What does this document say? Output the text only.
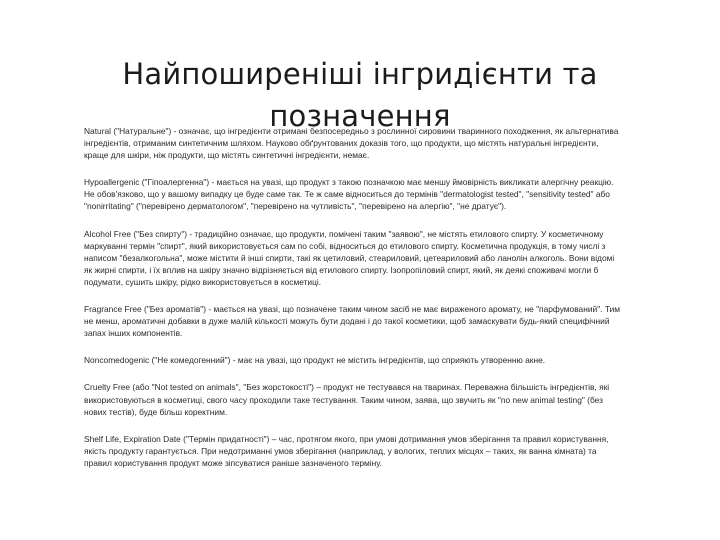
Найпоширеніші інгридієнти та позначення

Natural ("Натуральне") - означає, що інгредієнти отримані безпосередньо з рослинної сировини тваринного походження, як альтернатива інгредієнтів, отриманим синтетичним шляхом. Науково обґрунтованих доказів того, що продукти, що містять натуральні інгредієнти, краще для шкіри, ніж продукти, що містять синтетичні інгредієнти, немає.

Hypoallergenic ("Гіпоалергенна") - мається на увазі, що продукт з такою позначкою має меншу ймовірність викликати алергічну реакцію. Не обов'язково, що у вашому випадку це буде саме так. Те ж саме відноситься до термінів "dermatologist tested", "sensitivity tested" або "nonirritating" ("перевірено дерматологом", "перевірено на чутливість", "перевірено на алергію", "не дратує").

Alcohol Free ("Без спирту") - традиційно означає, що продукти, помічені таким "заявою", не містять етилового спирту. У косметичному маркуванні термін "спирт", який використовується сам по собі, відноситься до етилового спирту. Косметична продукція, в тому числі з написом "безалкогольна", може містити й інші спирти, такі як цетиловий, стеариловий, цетеариловий або ланолін алкоголь. Вони відомі як жирні спирти, і їх вплив на шкіру значно відрізняється від етилового спирту. Ізопропіловий спирт, який, як деякі споживачі могли б подумати, сушить шкіру, рідко використовується в косметиці.

Fragrance Free ("Без ароматів") - мається на увазі, що позначене таким чином засіб не має вираженого аромату, не "парфумований". Тим не менш, ароматичні добавки в дуже малій кількості можуть бути додані і до такої косметики, щоб замаскувати будь-який специфічний запах інших компонентів.

Noncomedogenic ("Не комедогенний") - має на увазі, що продукт не містить інгредієнтів, що сприяють утворенню акне.

Cruelty Free (або "Not tested on animals", "Без жорстокості") – продукт не тестувався на тваринах. Переважна більшість інгредієнтів, які використовуються в косметиці, свого часу проходили таке тестування. Таким чином, заява, що звучить як "no new animal testing" (без нових тестів), буде більш коректним.

Shelf Life, Expiration Date ("Термін придатності") – час, протягом якого, при умові дотримання умов зберігання та правил користування, якість продукту гарантується. При недотриманні умов зберігання (наприклад, у вологих, теплих місцях – таких, як ванна кімната) та правил користування продукт може зіпсуватися раніше зазначеного терміну.
